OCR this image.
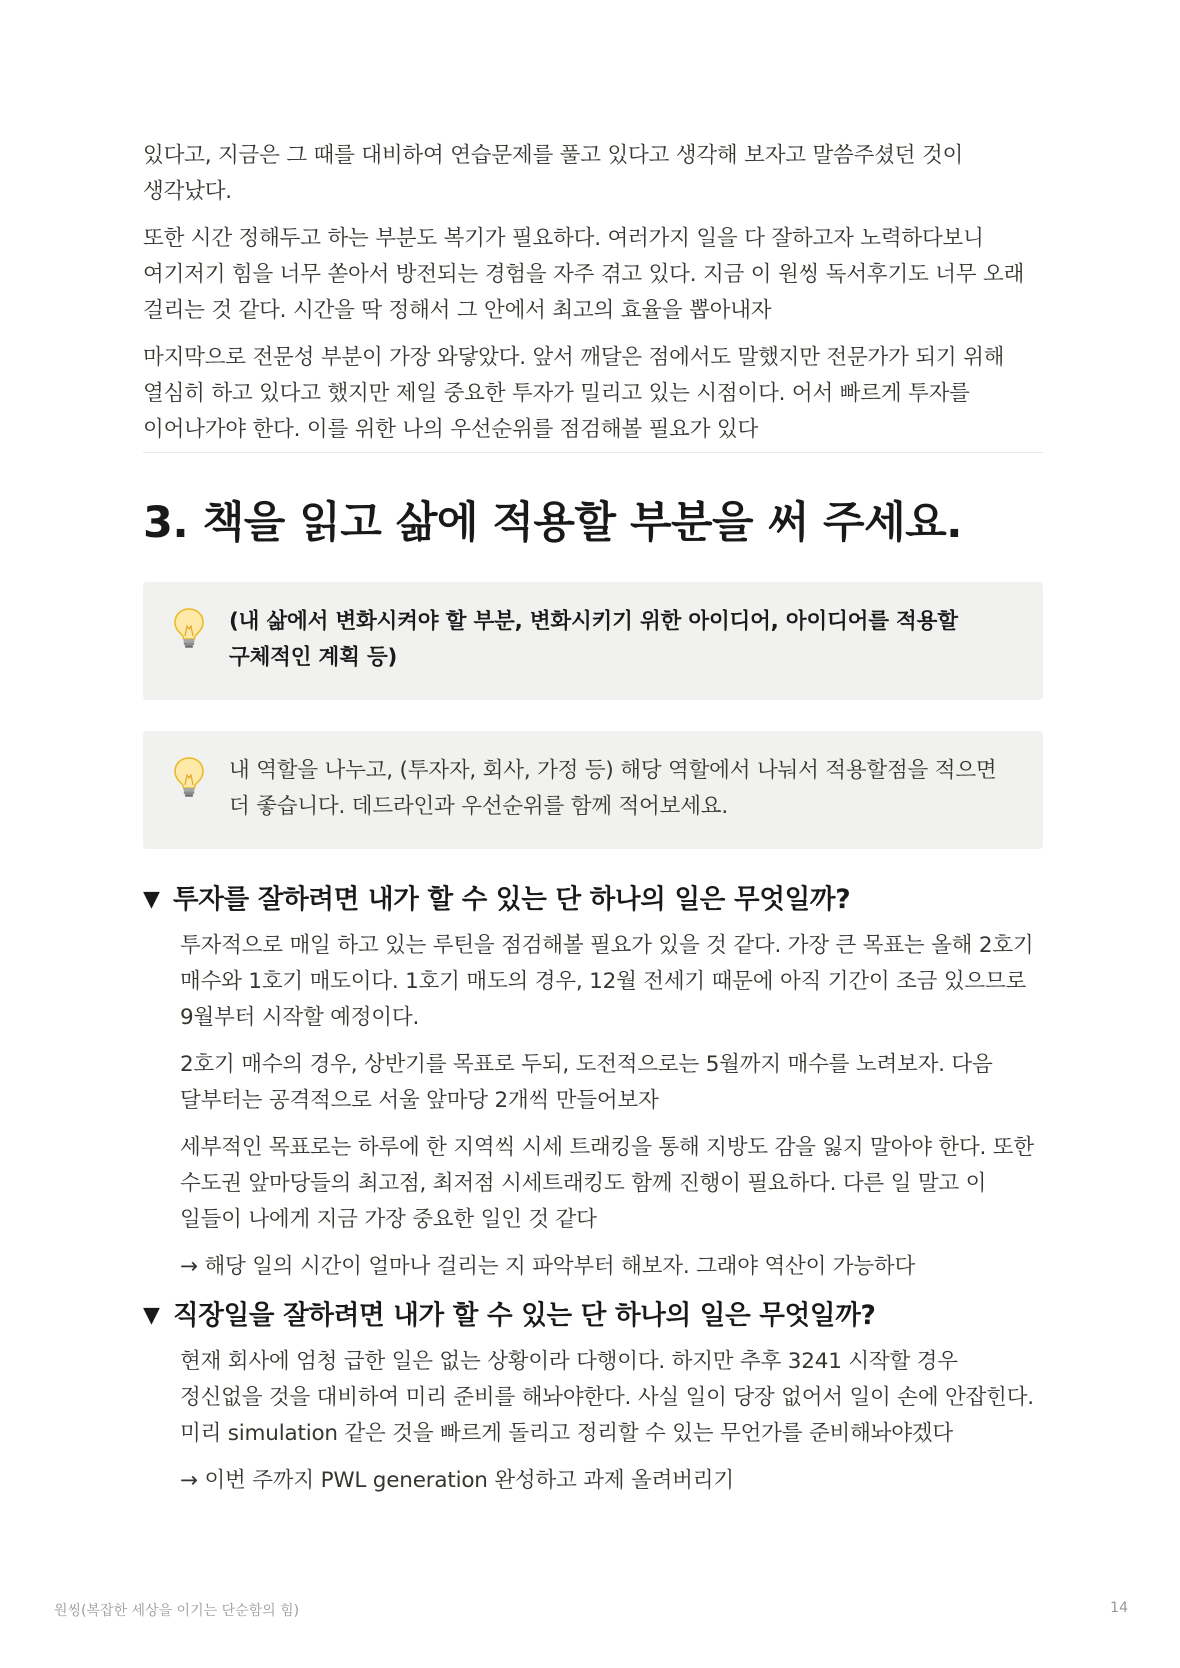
있다고, 지금은 그 때를 대비하여 연습문제를 풀고 있다고 생각해 보자고 말씀주셨던 것이 생각났다.

또한 시간 정해두고 하는 부분도 복기가 필요하다. 여러가지 일을 다 잘하고자 노력하다보니 여기저기 힘을 너무 쏟아서 방전되는 경험을 자주 겪고 있다. 지금 이 원씽 독서후기도 너무 오래 걸리는 것 같다. 시간을 딱 정해서 그 안에서 최고의 효율을 뽑아내자

마지막으로 전문성 부분이 가장 와닿았다. 앞서 깨달은 점에서도 말했지만 전문가가 되기 위해 열심히 하고 있다고 했지만 제일 중요한 투자가 밀리고 있는 시점이다. 어서 빠르게 투자를 이어나가야 한다. 이를 위한 나의 우선순위를 점검해볼 필요가 있다

3. 책을 읽고 삶에 적용할 부분을 써 주세요.
(내 삶에서 변화시켜야 할 부분, 변화시키기 위한 아이디어, 아이디어를 적용할 구체적인 계획 등)
내 역할을 나누고, (투자자, 회사, 가정 등) 해당 역할에서 나눠서 적용할점을 적으면 더 좋습니다. 데드라인과 우선순위를 함께 적어보세요.
▼ 투자를 잘하려면 내가 할 수 있는 단 하나의 일은 무엇일까?

투자적으로 매일 하고 있는 루틴을 점검해볼 필요가 있을 것 같다. 가장 큰 목표는 올해 2호기 매수와 1호기 매도이다. 1호기 매도의 경우, 12월 전세기 때문에 아직 기간이 조금 있으므로 9월부터 시작할 예정이다.

2호기 매수의 경우, 상반기를 목표로 두되, 도전적으로는 5월까지 매수를 노려보자. 다음 달부터는 공격적으로 서울 앞마당 2개씩 만들어보자

세부적인 목표로는 하루에 한 지역씩 시세 트래킹을 통해 지방도 감을 잃지 말아야 한다. 또한 수도권 앞마당들의 최고점, 최저점 시세트래킹도 함께 진행이 필요하다. 다른 일 말고 이 일들이 나에게 지금 가장 중요한 일인 것 같다

→ 해당 일의 시간이 얼마나 걸리는 지 파악부터 해보자. 그래야 역산이 가능하다

▼ 직장일을 잘하려면 내가 할 수 있는 단 하나의 일은 무엇일까?

현재 회사에 엄청 급한 일은 없는 상황이라 다행이다. 하지만 추후 3241 시작할 경우 정신없을 것을 대비하여 미리 준비를 해놔야한다. 사실 일이 당장 없어서 일이 손에 안잡힌다. 미리 simulation 같은 것을 빠르게 돌리고 정리할 수 있는 무언가를 준비해놔야겠다

→ 이번 주까지 PWL generation 완성하고 과제 올려버리기

원씽(복잡한 세상을 이기는 단순함의 힘)	14
